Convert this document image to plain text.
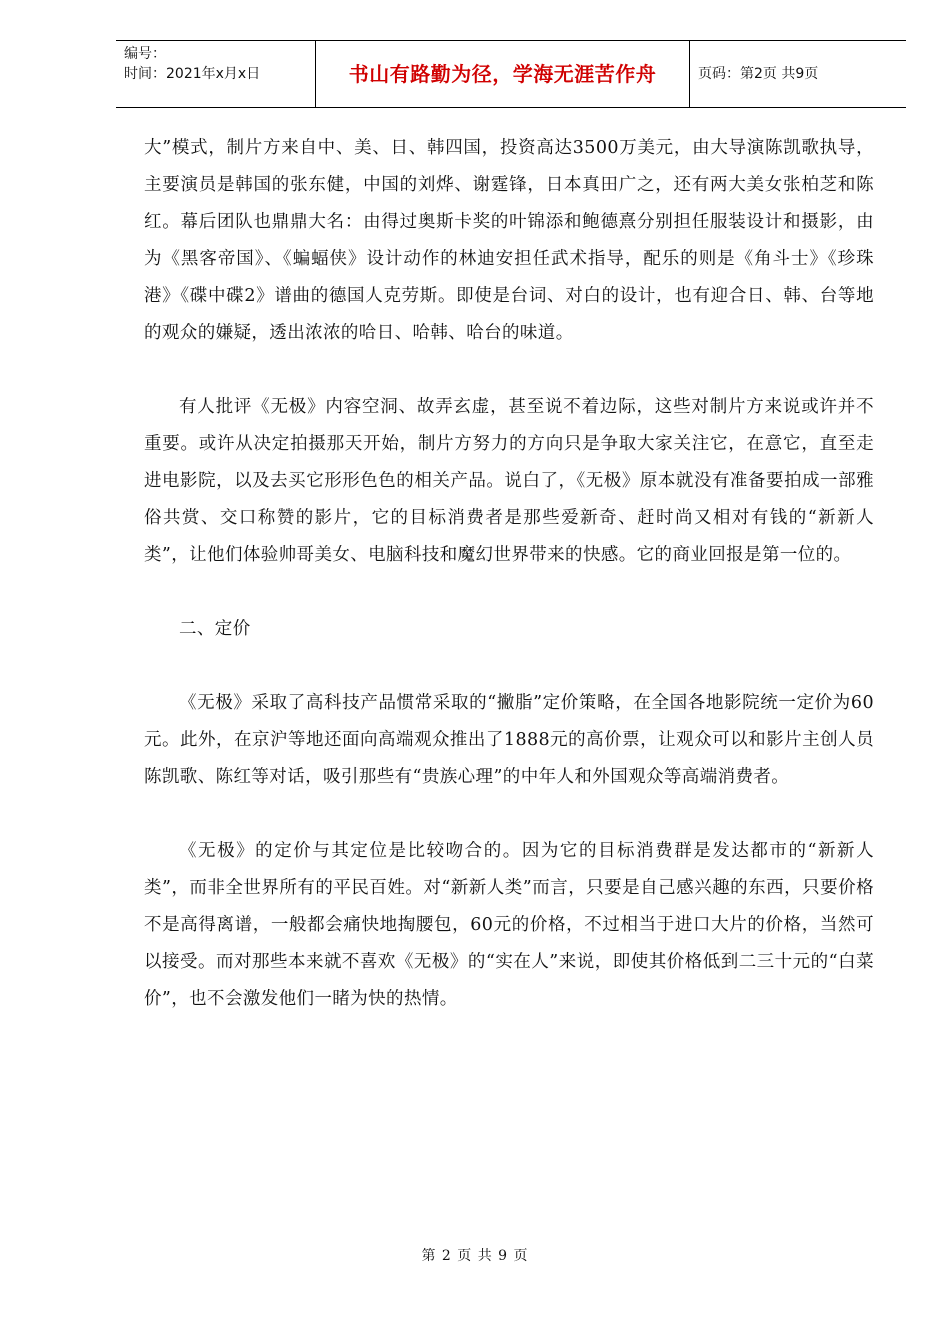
编号：
时间：2021年x月x日	书山有路勤为径，学海无涯苦作舟	页码：第2页 共9页

大”模式，制片方来自中、美、日、韩四国，投资高达3500万美元，由大导演陈凯歌执导，主要演员是韩国的张东健，中国的刘烨、谢霆锋，日本真田广之，还有两大美女张柏芝和陈红。幕后团队也鼎鼎大名：由得过奥斯卡奖的叶锦添和鲍德熹分别担任服装设计和摄影，由为《黑客帝国》、《蝙蝠侠》设计动作的林迪安担任武术指导，配乐的则是《角斗士》《珍珠港》《碟中碟2》谱曲的德国人克劳斯。即使是台词、对白的设计，也有迎合日、韩、台等地的观众的嫌疑，透出浓浓的哈日、哈韩、哈台的味道。

有人批评《无极》内容空洞、故弄玄虚，甚至说不着边际，这些对制片方来说或许并不重要。或许从决定拍摄那天开始，制片方努力的方向只是争取大家关注它，在意它，直至走进电影院，以及去买它形形色色的相关产品。说白了，《无极》原本就没有准备要拍成一部雅俗共赏、交口称赞的影片，它的目标消费者是那些爱新奇、赶时尚又相对有钱的“新新人类”，让他们体验帅哥美女、电脑科技和魔幻世界带来的快感。它的商业回报是第一位的。

二、定价

《无极》采取了高科技产品惯常采取的“撇脂”定价策略，在全国各地影院统一定价为60元。此外，在京沪等地还面向高端观众推出了1888元的高价票，让观众可以和影片主创人员陈凯歌、陈红等对话，吸引那些有“贵族心理”的中年人和外国观众等高端消费者。

《无极》的定价与其定位是比较吻合的。因为它的目标消费群是发达都市的“新新人类”，而非全世界所有的平民百姓。对“新新人类”而言，只要是自己感兴趣的东西，只要价格不是高得离谱，一般都会痛快地掏腰包，60元的价格，不过相当于进口大片的价格，当然可以接受。而对那些本来就不喜欢《无极》的“实在人”来说，即使其价格低到二三十元的“白菜价”，也不会激发他们一睹为快的热情。

第 2 页 共 9 页
